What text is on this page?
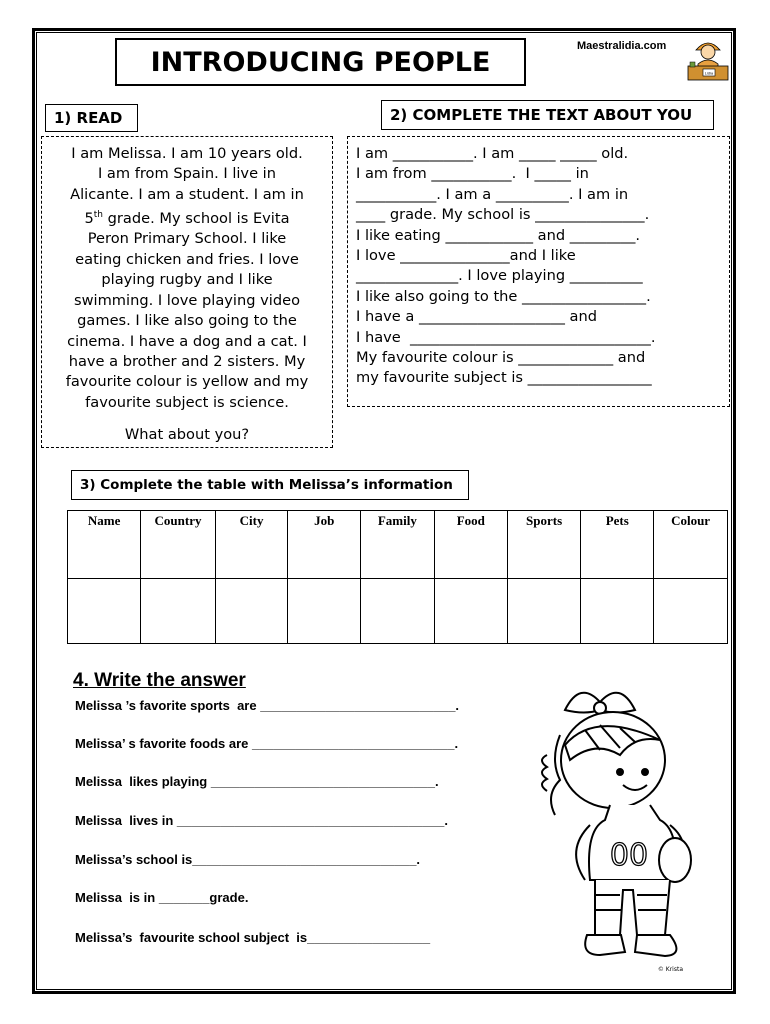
INTRODUCING PEOPLE
Maestralidia.com
Lidia
1) READ

I am Melissa. I am 10 years old.

I am from Spain. I live in

Alicante. I am a student. I am in

5th grade. My school is Evita

Peron Primary School. I like

eating chicken and fries. I love

playing rugby and I like

swimming. I love playing video

games. I like also going to the

cinema. I have a dog and a cat. I

have a brother and 2 sisters. My

favourite colour is yellow and my

favourite subject is science.

What about you?

2) COMPLETE THE TEXT ABOUT YOU
I am ___________. I am _____ _____ old.
I am from ___________.  I _____ in
___________. I am a __________. I am in
____ grade. My school is _______________.
I like eating ____________ and _________.
I love _______________and I like
______________. I love playing __________
I like also going to the _________________.
I have a ____________________ and
I have  _________________________________.
My favourite colour is _____________ and
my favourite subject is _________________
3) Complete the table with Melissa’s information
Name	Country	City	Job	Family	Food	Sports	Pets	Colour

4. Write the answer
Melissa ’s favorite sports  are ___________________________.
Melissa’ s favorite foods are ____________________________.
Melissa  likes playing _______________________________.
Melissa  lives in _____________________________________.
Melissa’s school is_______________________________.
Melissa  is in _______grade.
Melissa’s  favourite school subject  is_________________
00
© Krista
